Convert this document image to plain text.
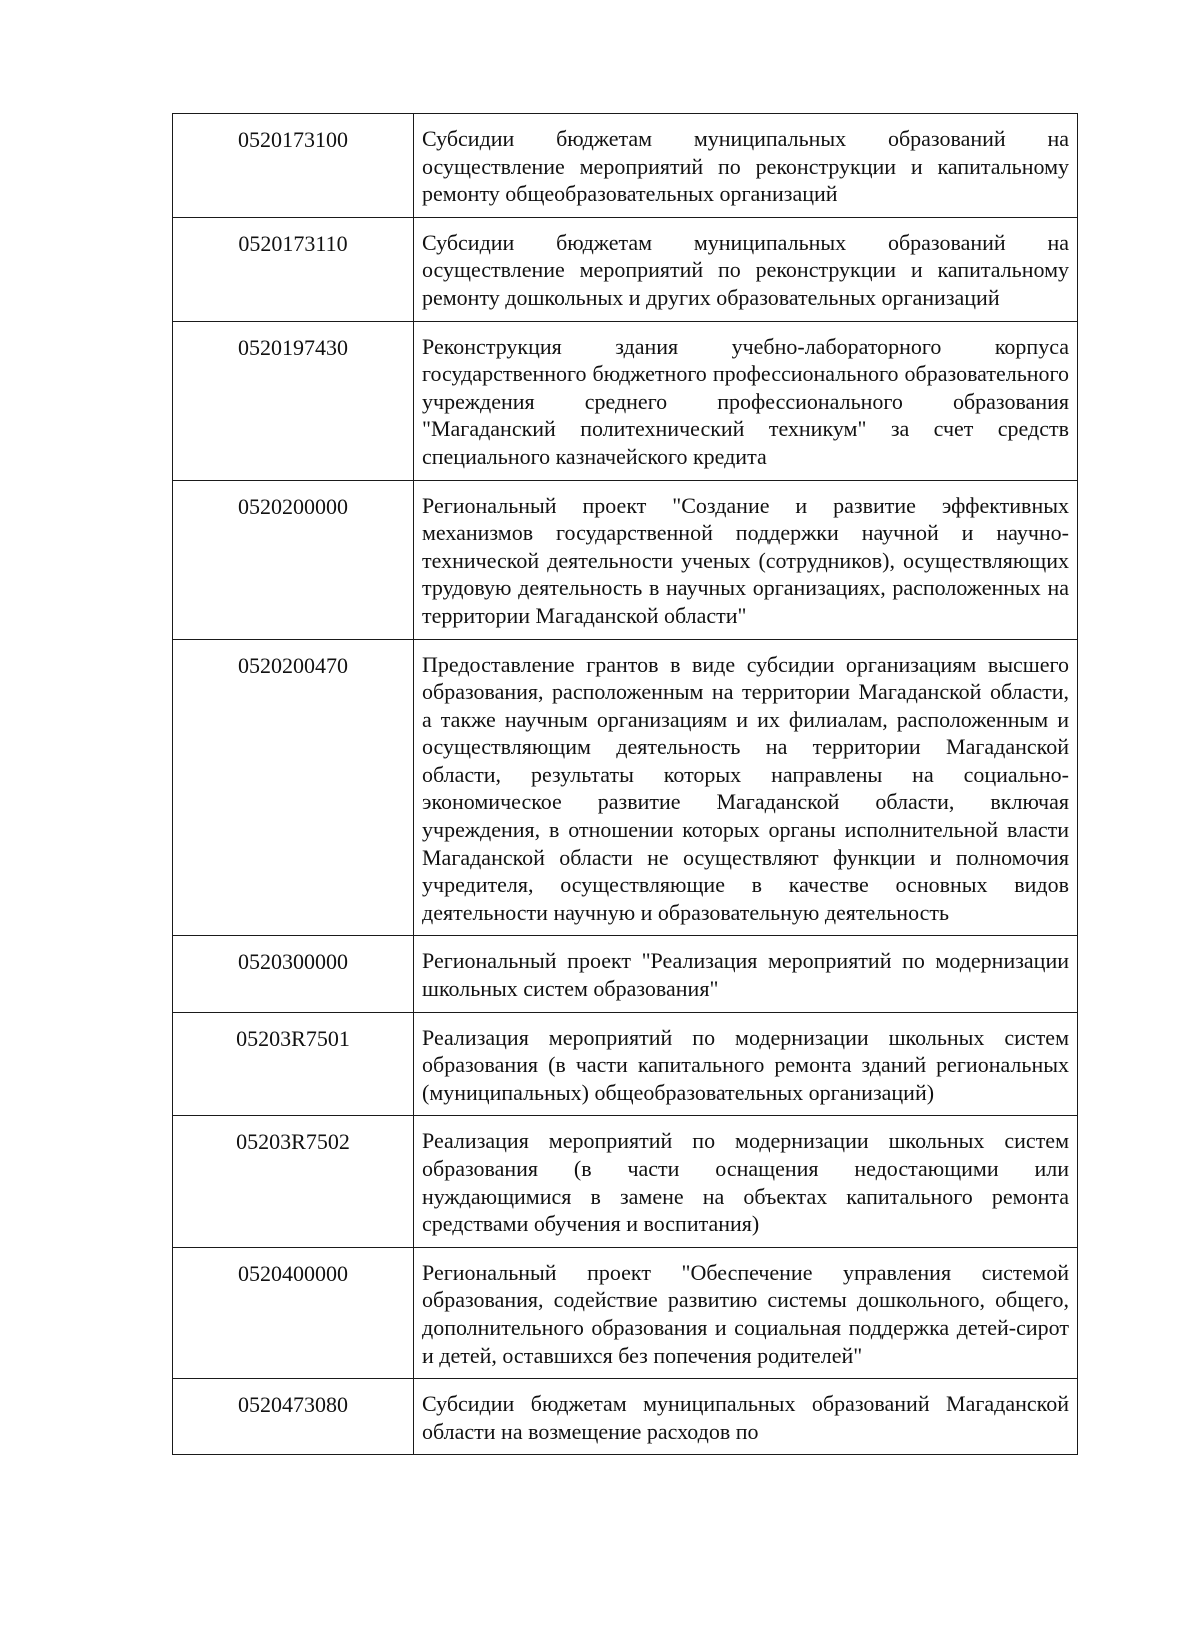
0520173100	Субсидии бюджетам муниципальных образований на осуществление мероприятий по реконструкции и капитальному ремонту общеобразовательных организаций
0520173110	Субсидии бюджетам муниципальных образований на осуществление мероприятий по реконструкции и капитальному ремонту дошкольных и других образовательных организаций
0520197430	Реконструкция здания учебно-лабораторного корпуса государственного бюджетного профессионального образовательного учреждения среднего профессионального образования "Магаданский политехнический техникум" за счет средств специального казначейского кредита
0520200000	Региональный проект "Создание и развитие эффективных механизмов государственной поддержки научной и научно-технической деятельности ученых (сотрудников), осуществляющих трудовую деятельность в научных организациях, расположенных на территории Магаданской области"
0520200470	Предоставление грантов в виде субсидии организациям высшего образования, расположенным на территории Магаданской области, а также научным организациям и их филиалам, расположенным и осуществляющим деятельность на территории Магаданской области, результаты которых направлены на социально-экономическое развитие Магаданской области, включая учреждения, в отношении которых органы исполнительной власти Магаданской области не осуществляют функции и полномочия учредителя, осуществляющие в качестве основных видов деятельности научную и образовательную деятельность
0520300000	Региональный проект "Реализация мероприятий по модернизации школьных систем образования"
05203R7501	Реализация мероприятий по модернизации школьных систем образования (в части капитального ремонта зданий региональных (муниципальных) общеобразовательных организаций)
05203R7502	Реализация мероприятий по модернизации школьных систем образования (в части оснащения недостающими или нуждающимися в замене на объектах капитального ремонта средствами обучения и воспитания)
0520400000	Региональный проект "Обеспечение управления системой образования, содействие развитию системы дошкольного, общего, дополнительного образования и социальная поддержка детей-сирот и детей, оставшихся без попечения родителей"
0520473080	Субсидии бюджетам муниципальных образований Магаданской области на возмещение расходов по
